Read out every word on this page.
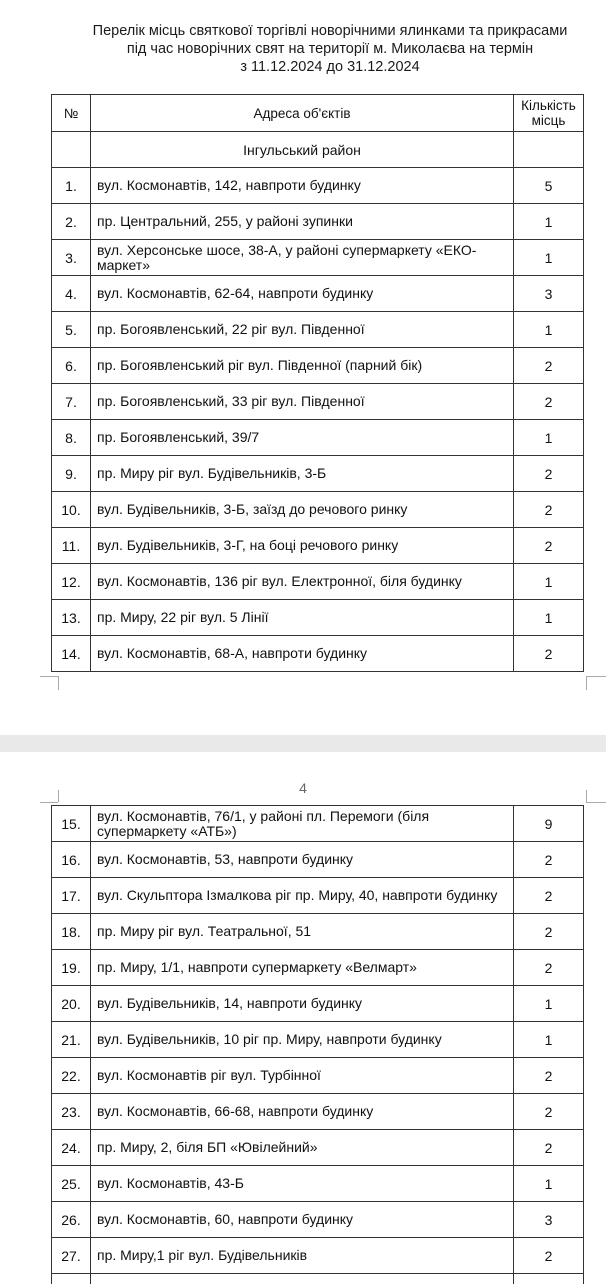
Перелік місць святкової торгівлі новорічними ялинками та прикрасами
під час новорічних свят на території м. Миколаєва на термін
з 11.12.2024 до 31.12.2024
№	Адреса об'єктів	Кількість місць
	Інгульський район	
1.	вул. Космонавтів, 142, навпроти будинку	5
2.	пр. Центральний, 255, у районі зупинки	1
3.	вул. Херсонське шосе, 38-А, у районі супермаркету «ЕКО-маркет»	1
4.	вул. Космонавтів, 62-64, навпроти будинку	3
5.	пр. Богоявленський, 22 ріг вул. Південної	1
6.	пр. Богоявленський ріг вул. Південної (парний бік)	2
7.	пр. Богоявленський, 33 ріг вул. Південної	2
8.	пр. Богоявленський, 39/7	1
9.	пр. Миру ріг вул. Будівельників, 3-Б	2
10.	вул. Будівельників, 3-Б, заїзд до речового ринку	2
11.	вул. Будівельників, 3-Г, на боці речового ринку	2
12.	вул. Космонавтів, 136 ріг вул. Електронної, біля будинку	1
13.	пр. Миру, 22 ріг вул. 5 Лінії	1
14.	вул. Космонавтів, 68-А, навпроти будинку	2
4
15.	вул. Космонавтів, 76/1, у районі пл. Перемоги (біля супермаркету «АТБ»)	9
16.	вул. Космонавтів, 53, навпроти будинку	2
17.	вул. Скульптора Ізмалкова ріг пр. Миру, 40, навпроти будинку	2
18.	пр. Миру ріг вул. Театральної, 51	2
19.	пр. Миру, 1/1, навпроти супермаркету «Велмарт»	2
20.	вул. Будівельників, 14, навпроти будинку	1
21.	вул. Будівельників, 10 ріг пр. Миру, навпроти будинку	1
22.	вул. Космонавтів ріг вул. Турбінної	2
23.	вул. Космонавтів, 66-68, навпроти будинку	2
24.	пр. Миру, 2, біля БП «Ювілейний»	2
25.	вул. Космонавтів, 43-Б	1
26.	вул. Космонавтів, 60, навпроти будинку	3
27.	пр. Миру,1 ріг вул. Будівельників	2
